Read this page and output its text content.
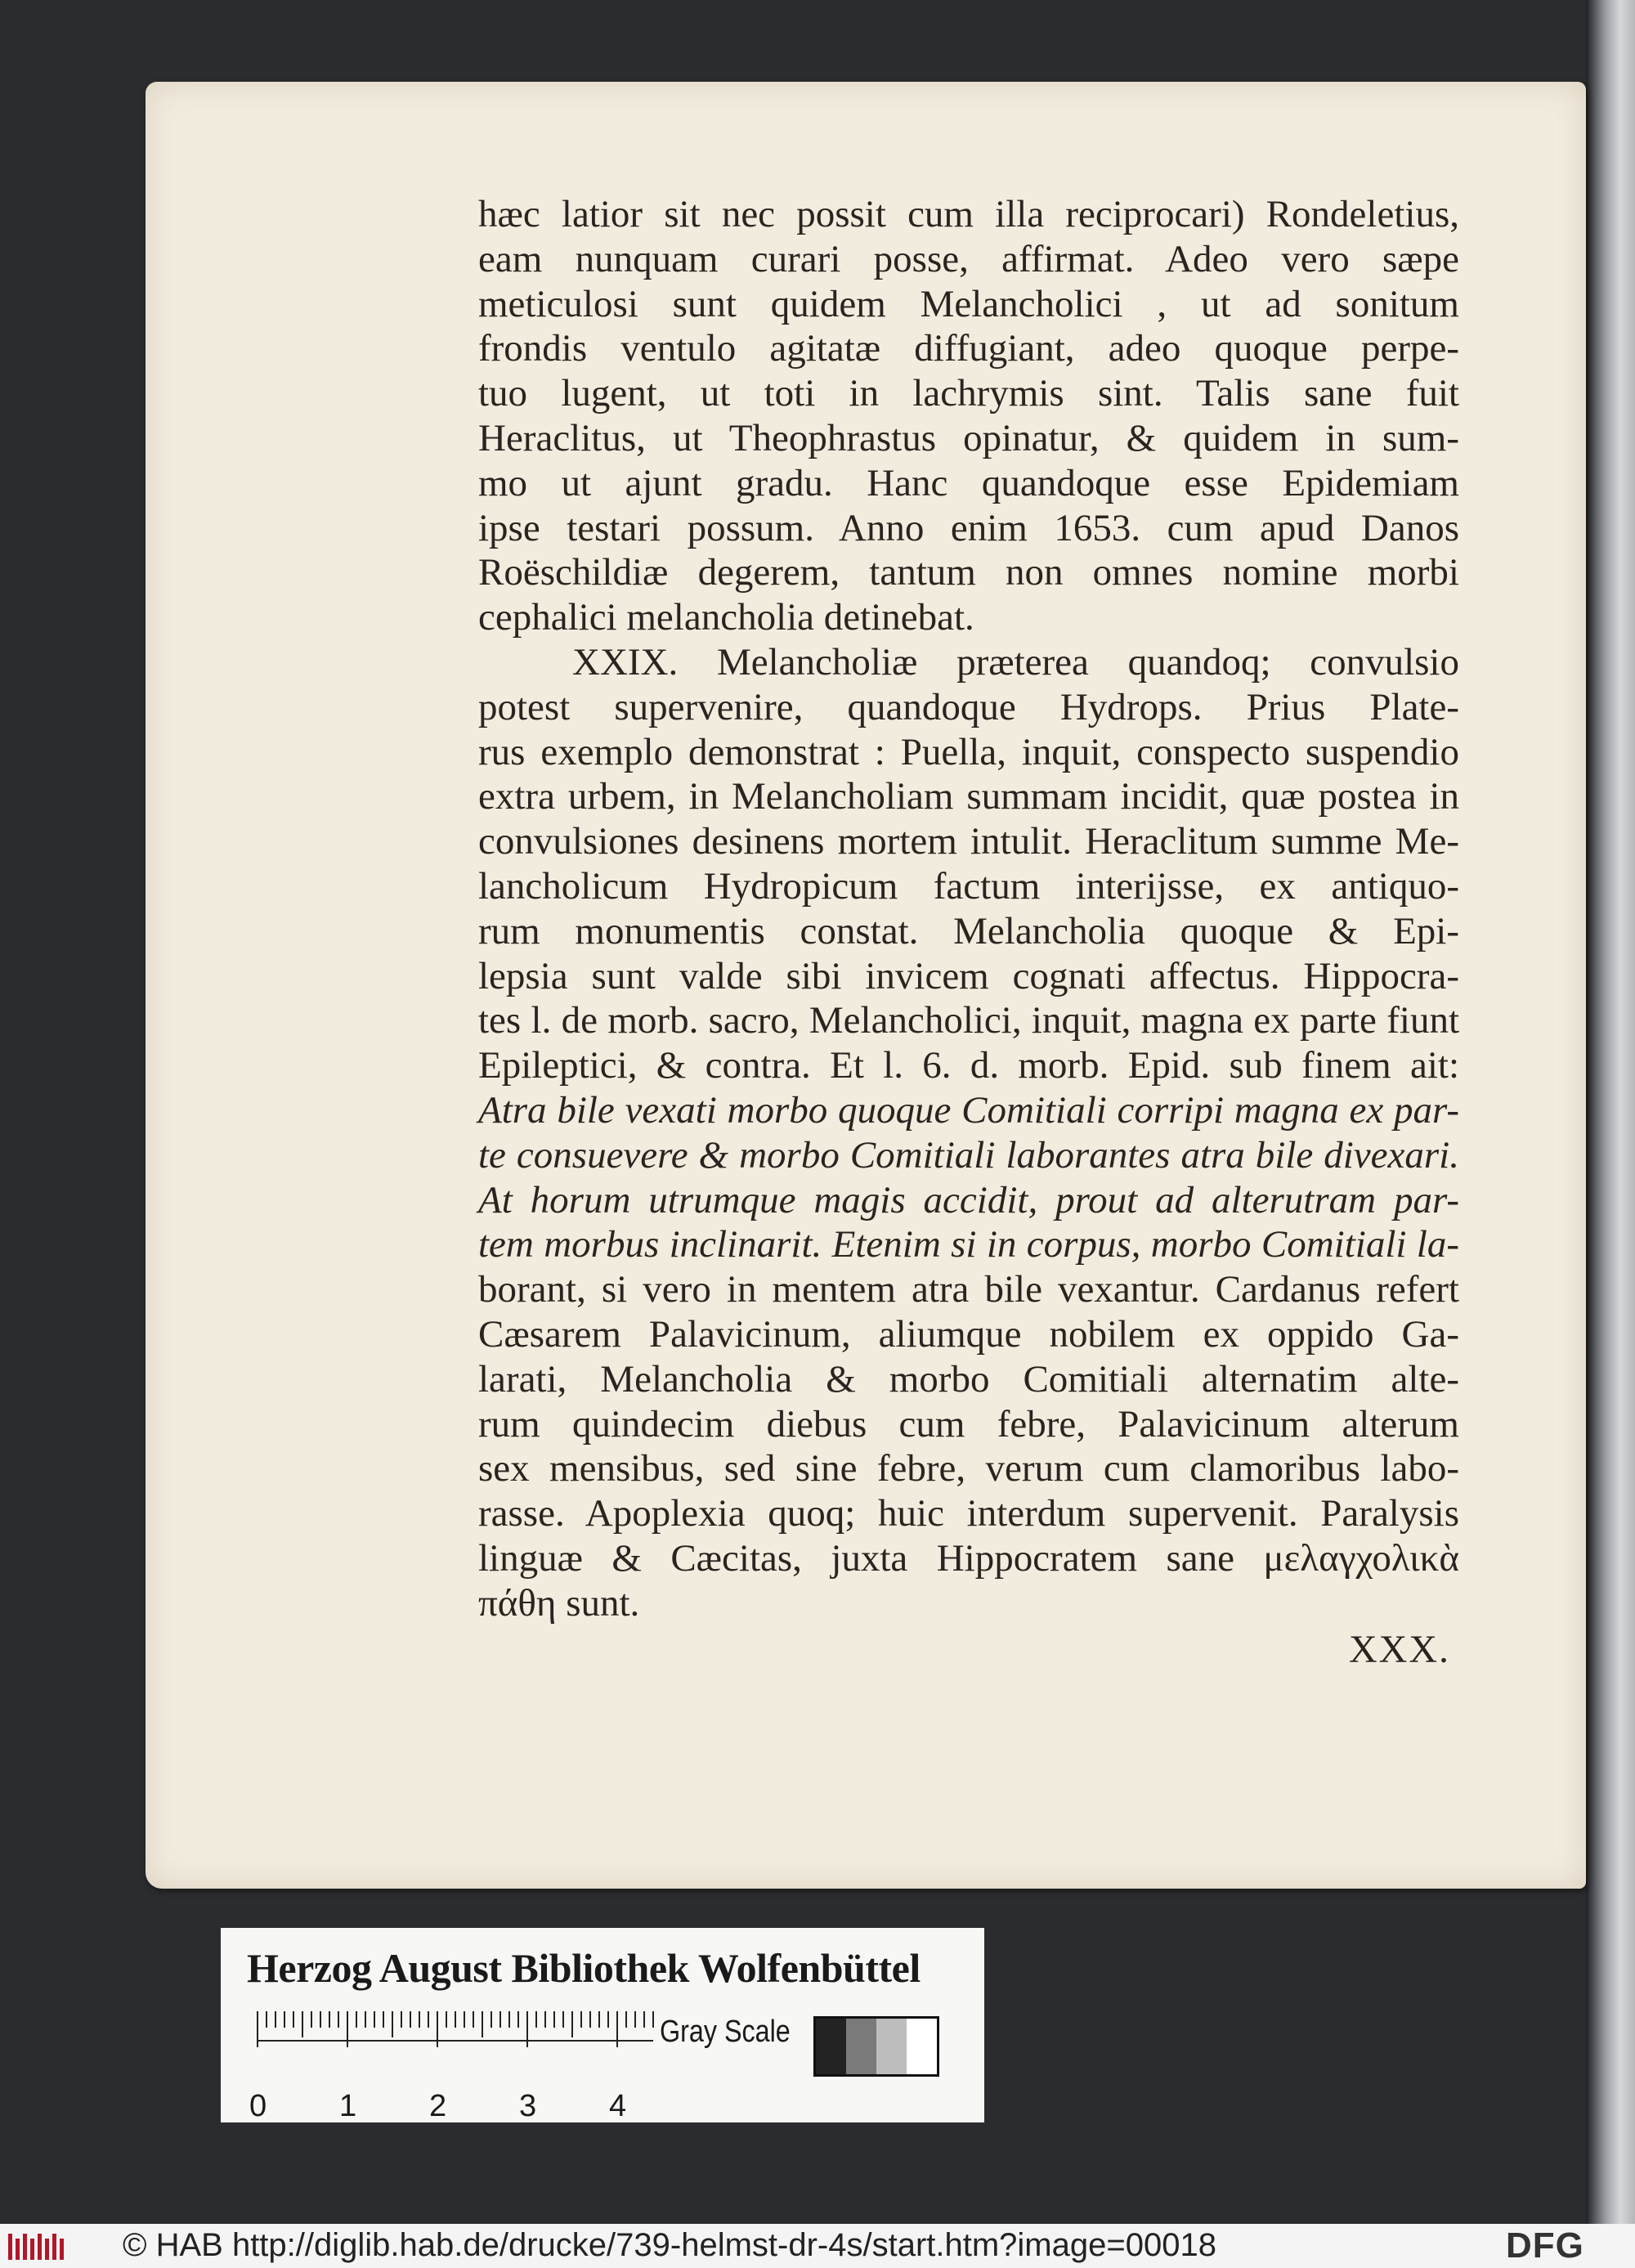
hæc latior sit nec possit cum illa reciprocari) Rondeletius,
eam nunquam curari posse, affirmat. Adeo vero sæpe
meticulosi sunt quidem Melancholici , ut ad sonitum
frondis ventulo agitatæ diffugiant, adeo quoque perpe-
tuo lugent, ut toti in lachrymis sint. Talis sane fuit
Heraclitus, ut Theophrastus opinatur, & quidem in sum-
mo ut ajunt gradu. Hanc quandoque esse Epidemiam
ipse testari possum. Anno enim 1653. cum apud Danos
Roëschildiæ degerem, tantum non omnes nomine morbi
cephalici melancholia detinebat.
XXIX. Melancholiæ præterea quandoq; convulsio
potest supervenire, quandoque Hydrops. Prius Plate-
rus exemplo demonstrat : Puella, inquit, conspecto suspendio
extra urbem, in Melancholiam summam incidit, quæ postea in
convulsiones desinens mortem intulit. Heraclitum summe Me-
lancholicum Hydropicum factum interijsse, ex antiquo-
rum monumentis constat. Melancholia quoque & Epi-
lepsia sunt valde sibi invicem cognati affectus. Hippocra-
tes l. de morb. sacro, Melancholici, inquit, magna ex parte fiunt
Epileptici, & contra. Et l. 6. d. morb. Epid. sub finem ait:
Atra bile vexati morbo quoque Comitiali corripi magna ex par-
te consuevere & morbo Comitiali laborantes atra bile divexari.
At horum utrumque magis accidit, prout ad alterutram par-
tem morbus inclinarit. Etenim si in corpus, morbo Comitiali la-
borant, si vero in mentem atra bile vexantur. Cardanus refert
Cæsarem Palavicinum, aliumque nobilem ex oppido Ga-
larati, Melancholia & morbo Comitiali alternatim alte-
rum quindecim diebus cum febre, Palavicinum alterum
sex mensibus, sed sine febre, verum cum clamoribus labo-
rasse. Apoplexia quoq; huic interdum supervenit. Paralysis
linguæ & Cæcitas, juxta Hippocratem sane μελαγχολικὰ
πάθη sunt.
XXX.
Herzog August Bibliothek Wolfenbüttel
0 1 2 3 4
Gray Scale
© HAB http://diglib.hab.de/drucke/739-helmst-dr-4s/start.htm?image=00018	DFG
